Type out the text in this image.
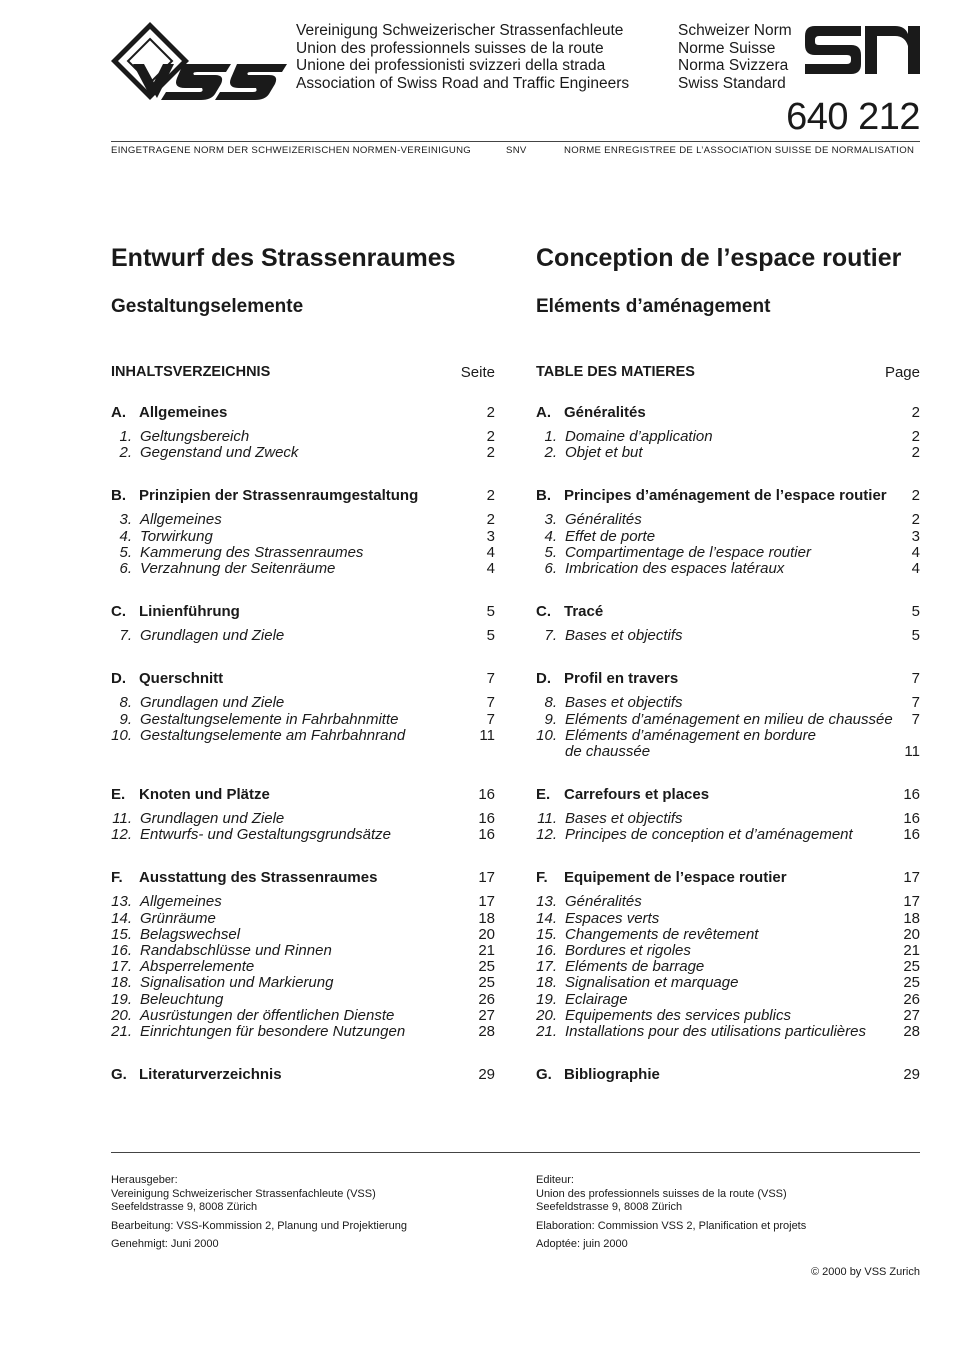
Vereinigung Schweizerischer Strassenfachleute
Union des professionnels suisses de la route
Unione dei professionisti svizzeri della strada
Association of Swiss Road and Traffic Engineers
Schweizer Norm
Norme Suisse
Norma Svizzera
Swiss Standard
640 212
EINGETRAGENE NORM DER SCHWEIZERISCHEN NORMEN-VEREINIGUNG	SNV	NORME ENREGISTREE DE L’ASSOCIATION SUISSE DE NORMALISATION
Entwurf des Strassenraumes	Conception de l’espace routier
Gestaltungselemente	Eléments d’aménagement
INHALTSVERZEICHNIS	Seite
A. Allgemeines	2
1. Geltungsbereich	2
2. Gegenstand und Zweck	2
B. Prinzipien der Strassenraumgestaltung	2
3. Allgemeines	2
4. Torwirkung	3
5. Kammerung des Strassenraumes	4
6. Verzahnung der Seitenräume	4
C. Linienführung	5
7. Grundlagen und Ziele	5
D. Querschnitt	7
8. Grundlagen und Ziele	7
9. Gestaltungselemente in Fahrbahnmitte	7
10. Gestaltungselemente am Fahrbahnrand	11
E. Knoten und Plätze	16
11. Grundlagen und Ziele	16
12. Entwurfs- und Gestaltungsgrundsätze	16
F.	Ausstattung des Strassenraumes	17
13. Allgemeines	17
14. Grünräume	18
15. Belagswechsel	20
16. Randabschlüsse und Rinnen	21
17. Absperrelemente	25
18. Signalisation und Markierung	25
19. Beleuchtung	26
20. Ausrüstungen der öffentlichen Dienste	27
21. Einrichtungen für besondere Nutzungen	28
G. Literaturverzeichnis	29
TABLE DES MATIERES	Page
A. Généralités	2
1. Domaine d’application	2
2. Objet et but	2
B. Principes d’aménagement de l’espace routier 2
3. Généralités	2
4. Effet de porte	3
5. Compartimentage de l’espace routier	4
6. Imbrication des espaces latéraux	4
C. Tracé	5
7. Bases et objectifs	5
D. Profil en travers	7
8. Bases et objectifs	7
9. Eléments d’aménagement en milieu de chaussée 7
10. Eléments d’aménagement en bordure
de chaussée	11
E. Carrefours et places	16
11. Bases et objectifs	16
12. Principes de conception et d’aménagement	16
F.	Equipement de l’espace routier	17
13. Généralités	17
14. Espaces verts	18
15. Changements de revêtement	20
16. Bordures et rigoles	21
17. Eléments de barrage	25
18. Signalisation et marquage	25
19. Eclairage	26
20. Equipements des services publics	27
21. Installations pour des utilisations particulières 28
G. Bibliographie	29

Herausgeber:

Vereinigung Schweizerischer Strassenfachleute (VSS)

Seefeldstrasse 9, 8008 Zürich

Bearbeitung: VSS-Kommission 2, Planung und Projektierung

Genehmigt: Juni 2000

Editeur:

Union des professionnels suisses de la route (VSS)

Seefeldstrasse 9, 8008 Zürich

Elaboration: Commission VSS 2, Planification et projets

Adoptée: juin 2000

© 2000 by VSS Zurich
